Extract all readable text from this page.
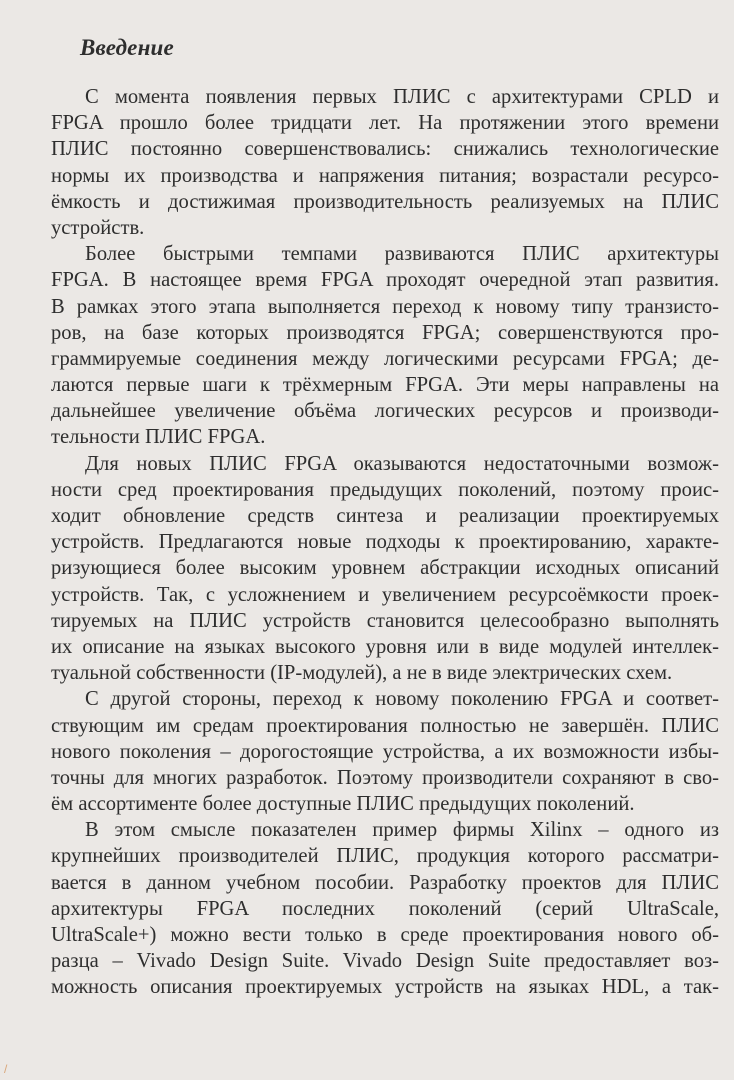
Введение
С момента появления первых ПЛИС с архитектурами CPLD и
FPGA прошло более тридцати лет. На протяжении этого времени
ПЛИС постоянно совершенствовались: снижались технологические
нормы их производства и напряжения питания; возрастали ресурсо-
ёмкость и достижимая производительность реализуемых на ПЛИС
устройств.
Более быстрыми темпами развиваются ПЛИС архитектуры
FPGA. В настоящее время FPGA проходят очередной этап развития.
В рамках этого этапа выполняется переход к новому типу транзисто-
ров, на базе которых производятся FPGA; совершенствуются про-
граммируемые соединения между логическими ресурсами FPGA; де-
лаются первые шаги к трёхмерным FPGA. Эти меры направлены на
дальнейшее увеличение объёма логических ресурсов и производи-
тельности ПЛИС FPGA.
Для новых ПЛИС FPGA оказываются недостаточными возмож-
ности сред проектирования предыдущих поколений, поэтому проис-
ходит обновление средств синтеза и реализации проектируемых
устройств. Предлагаются новые подходы к проектированию, характе-
ризующиеся более высоким уровнем абстракции исходных описаний
устройств. Так, с усложнением и увеличением ресурсоёмкости проек-
тируемых на ПЛИС устройств становится целесообразно выполнять
их описание на языках высокого уровня или в виде модулей интеллек-
туальной собственности (IP-модулей), а не в виде электрических схем.
С другой стороны, переход к новому поколению FPGA и соответ-
ствующим им средам проектирования полностью не завершён. ПЛИС
нового поколения – дорогостоящие устройства, а их возможности избы-
точны для многих разработок. Поэтому производители сохраняют в сво-
ём ассортименте более доступные ПЛИС предыдущих поколений.
В этом смысле показателен пример фирмы Xilinx – одного из
крупнейших производителей ПЛИС, продукция которого рассматри-
вается в данном учебном пособии. Разработку проектов для ПЛИС
архитектуры FPGA последних поколений (серий UltraScale,
UltraScale+) можно вести только в среде проектирования нового об-
разца – Vivado Design Suite. Vivado Design Suite предоставляет воз-
можность описания проектируемых устройств на языках HDL, а так-
/
